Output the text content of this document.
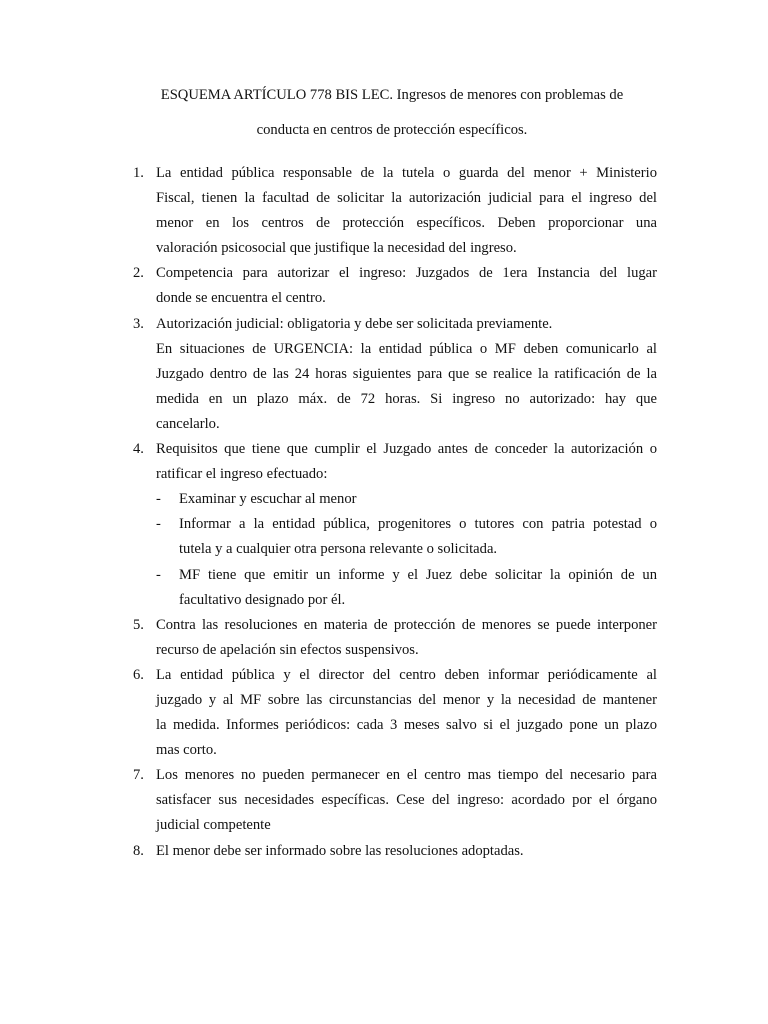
ESQUEMA ARTÍCULO 778 BIS LEC. Ingresos de menores con problemas de

conducta en centros de protección específicos.

1. La entidad pública responsable de la tutela o guarda del menor + Ministerio
Fiscal, tienen la facultad de solicitar la autorización judicial para el ingreso del
menor en los centros de protección específicos. Deben proporcionar una
valoración psicosocial que justifique la necesidad del ingreso.
2. Competencia para autorizar el ingreso: Juzgados de 1era Instancia del lugar
donde se encuentra el centro.
3. Autorización judicial: obligatoria y debe ser solicitada previamente.
En situaciones de URGENCIA: la entidad pública o MF deben comunicarlo al
Juzgado dentro de las 24 horas siguientes para que se realice la ratificación de la
medida en un plazo máx. de 72 horas. Si ingreso no autorizado: hay que
cancelarlo.
4. Requisitos que tiene que cumplir el Juzgado antes de conceder la autorización o
ratificar el ingreso efectuado:
- Examinar y escuchar al menor
- Informar a la entidad pública, progenitores o tutores con patria potestad o
tutela y a cualquier otra persona relevante o solicitada.
- MF tiene que emitir un informe y el Juez debe solicitar la opinión de un
facultativo designado por él.
5. Contra las resoluciones en materia de protección de menores se puede interponer
recurso de apelación sin efectos suspensivos.
6. La entidad pública y el director del centro deben informar periódicamente al
juzgado y al MF sobre las circunstancias del menor y la necesidad de mantener
la medida. Informes periódicos: cada 3 meses salvo si el juzgado pone un plazo
mas corto.
7. Los menores no pueden permanecer en el centro mas tiempo del necesario para
satisfacer sus necesidades específicas. Cese del ingreso: acordado por el órgano
judicial competente
8. El menor debe ser informado sobre las resoluciones adoptadas.
